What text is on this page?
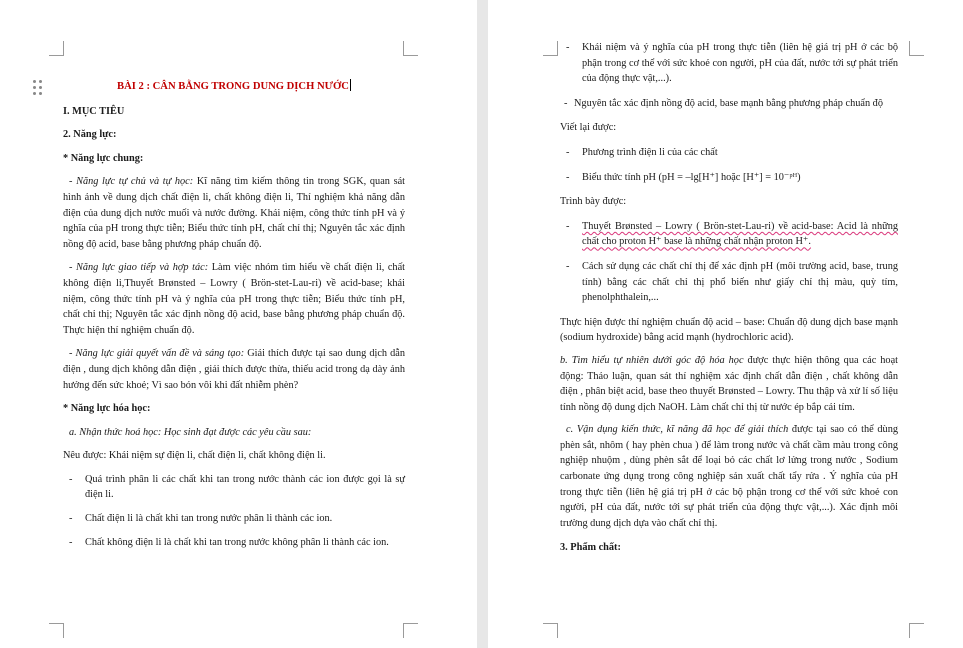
BÀI 2 : CÂN BẰNG TRONG DUNG DỊCH NƯỚC

I. MỤC TIÊU

2. Năng lực:

* Năng lực chung:

- Năng lực tự chủ và tự học: Kĩ năng tìm kiếm thông tin trong SGK, quan sát hình ảnh về dung dịch chất điện li, chất không điện li, Thí nghiệm khả năng dẫn điện của dung dịch nước muối và nước đường. Khái niệm, công thức tính pH và ý nghĩa của pH trong thực tiễn; Biểu thức tính pH, chất chỉ thị; Nguyên tắc xác định nồng độ acid, base bằng phương pháp chuẩn độ.

- Năng lực giao tiếp và hợp tác: Làm việc nhóm tìm hiểu về chất điện li, chất không điện li,Thuyết Brønsted – Lowry ( Brön-stet-Lau-ri) về acid-base; khái niệm, công thức tính pH và ý nghĩa của pH trong thực tiễn; Biểu thức tính pH, chất chỉ thị; Nguyên tắc xác định nồng độ acid, base bằng phương pháp chuẩn độ. Thực hiện thí nghiệm chuẩn độ.

- Năng lực giải quyết vấn đề và sáng tạo: Giải thích được tại sao dung dịch dẫn điện , dung dịch không dẫn điện , giải thích được thừa, thiếu acid trong dạ dày ảnh hưởng đến sức khoẻ; Vì sao bón vôi khi đất nhiễm phèn?

* Năng lực hóa học:

a. Nhận thức hoá học: Học sinh đạt được các yêu cầu sau:

Nêu được: Khái niệm sự điện li, chất điện li, chất không điện li.

- Quá trình phân li các chất khi tan trong nước thành các ion được gọi là sự điện li.

- Chất điện li là chất khi tan trong nước phân li thành các ion.

- Chất không điện li là chất khi tan trong nước không phân li thành các ion.

- Khái niệm và ý nghĩa của pH trong thực tiễn (liên hệ giá trị pH ở các bộ phận trong cơ thể với sức khoẻ con người, pH của đất, nước tới sự phát triển của động thực vật,...).

- Nguyên tắc xác định nồng độ acid, base mạnh bằng phương pháp chuẩn độ

Viết lại được:

- Phương trình điện li của các chất

- Biểu thức tính pH (pH = –lg[H⁺] hoặc [H⁺] = 10⁻ᵖᴴ)

Trình bày được:

- Thuyết Brønsted – Lowry ( Brön-stet-Lau-ri) về acid-base: Acid là những chất cho proton H⁺ base là những chất nhận proton H⁺.

- Cách sử dụng các chất chỉ thị để xác định pH (môi trường acid, base, trung tính) bằng các chất chỉ thị phổ biến như giấy chỉ thị màu, quỳ tím, phenolphthalein,...

Thực hiện được thí nghiệm chuẩn độ acid – base: Chuẩn độ dung dịch base mạnh (sodium hydroxide) bằng acid mạnh (hydrochloric acid).

b. Tìm hiểu tự nhiên dưới góc độ hóa học được thực hiện thông qua các hoạt động: Thảo luận, quan sát thí nghiệm xác định chất dẫn điện , chất không dẫn điện , phân biệt acid, base theo thuyết Brønsted – Lowry. Thu thập và xử lí số liệu tính nồng độ dung dịch NaOH. Làm chất chỉ thị từ nước ép bắp cải tím.

c. Vận dụng kiến thức, kĩ năng đã học để giải thích được tại sao có thể dùng phèn sắt, nhôm ( hay phèn chua ) để làm trong nước và chất cầm màu trong công nghiệp nhuộm , dùng phèn sắt để loại bỏ các chất lơ lửng trong nước , Sodium carbonate ứng dụng trong công nghiệp sản xuất chất tẩy rửa . Ý nghĩa của pH trong thực tiễn (liên hệ giá trị pH ở các bộ phận trong cơ thể với sức khoẻ con người, pH của đất, nước tới sự phát triển của động thực vật,...). Xác định môi trường dung dịch dựa vào chất chỉ thị.

3. Phẩm chất:
